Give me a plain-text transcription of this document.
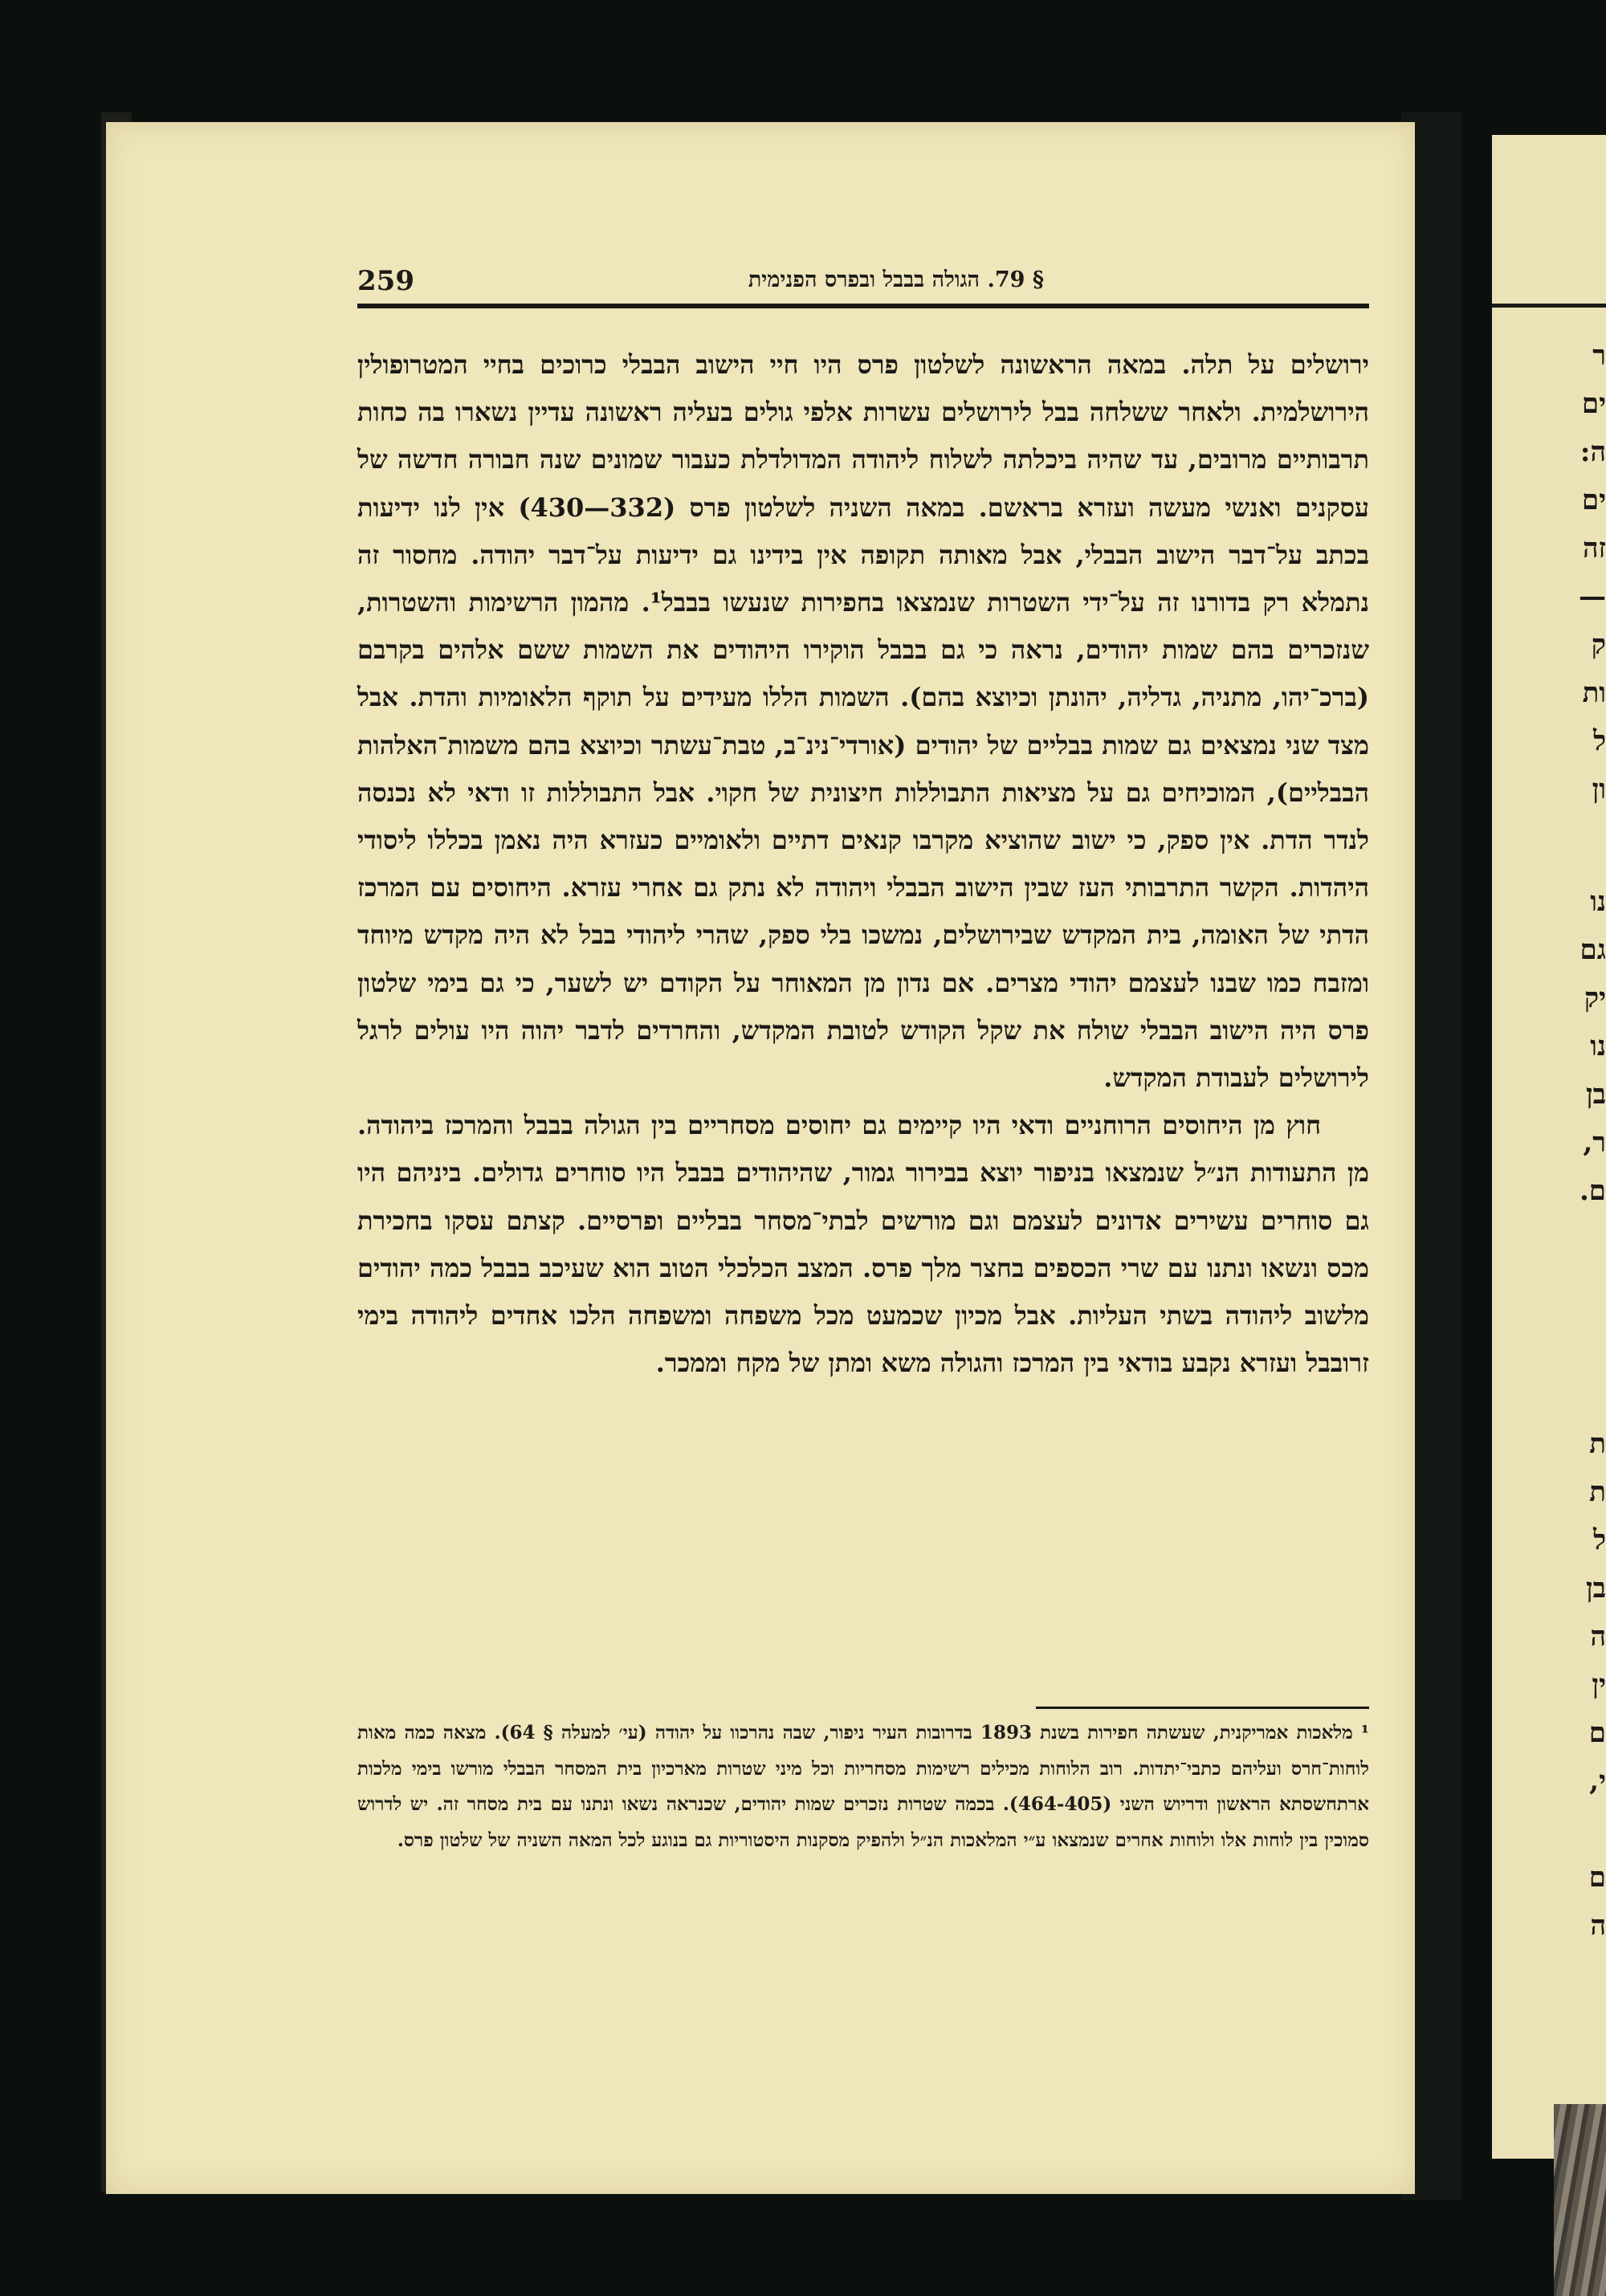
ר
ים
ה:
ים
זה
—
ק
ות
ל
ון
נו
גם
יק
נו
בן
ר,
ם.
ת
ת
ל
בן
ה
ין
ם
י,
ם
ה
259	§ 79. הגולה בבבל ובפרס הפנימית

ירושלים על תלה. במאה הראשונה לשלטון פרס היו חיי הישוב הבבלי כרוכים בחיי המטרופולין הירושלמית. ולאחר ששלחה בבל לירושלים עשרות אלפי גולים בעליה ראשונה עדיין נשארו בה כחות תרבותיים מרובים, עד שהיה ביכלתה לשלוח ליהודה המדולדלת כעבור שמונים שנה חבורה חדשה של עסקנים ואנשי מעשה ועזרא בראשם. במאה השניה לשלטון פרס (332—430) אין לנו ידיעות בכתב על־דבר הישוב הבבלי, אבל מאותה תקופה אין בידינו גם ידיעות על־דבר יהודה. מחסור זה נתמלא רק בדורנו זה על־ידי השטרות שנמצאו בחפירות שנעשו בבבל¹. מהמון הרשימות והשטרות, שנזכרים בהם שמות יהודים, נראה כי גם בבבל הוקירו היהודים את השמות ששם אלהים בקרבם (ברכ־יהו, מתניה, גדליה, יהונתן וכיוצא בהם). השמות הללו מעידים על תוקף הלאומיות והדת. אבל מצד שני נמצאים גם שמות בבליים של יהודים (אורדי־נינ־ב, טבת־עשתר וכיוצא בהם משמות־האלהות הבבליים), המוכיחים גם על מציאות התבוללות חיצונית של חקוי. אבל התבוללות זו ודאי לא נכנסה לנדר הדת. אין ספק, כי ישוב שהוציא מקרבו קנאים דתיים ולאומיים כעזרא היה נאמן בכללו ליסודי היהדות. הקשר התרבותי העז שבין הישוב הבבלי ויהודה לא נתק גם אחרי עזרא. היחוסים עם המרכז הדתי של האומה, בית המקדש שבירושלים, נמשכו בלי ספק, שהרי ליהודי בבל לא היה מקדש מיוחד ומזבח כמו שבנו לעצמם יהודי מצרים. אם נדון מן המאוחר על הקודם יש לשער, כי גם בימי שלטון פרס היה הישוב הבבלי שולח את שקל הקודש לטובת המקדש, והחרדים לדבר יהוה היו עולים לרגל לירושלים לעבודת המקדש.

חוץ מן היחוסים הרוחניים ודאי היו קיימים גם יחוסים מסחריים בין הגולה בבבל והמרכז ביהודה. מן התעודות הנ״ל שנמצאו בניפור יוצא בבירור גמור, שהיהודים בבבל היו סוחרים גדולים. ביניהם היו גם סוחרים עשירים אדונים לעצמם וגם מורשים לבתי־מסחר בבליים ופרסיים. קצתם עסקו בחכירת מכס ונשאו ונתנו עם שרי הכספים בחצר מלך פרס. המצב הכלכלי הטוב הוא שעיכב בבבל כמה יהודים מלשוב ליהודה בשתי העליות. אבל מכיון שכמעט מכל משפחה ומשפחה הלכו אחדים ליהודה בימי זרובבל ועזרא נקבע בודאי בין המרכז והגולה משא ומתן של מקח וממכר.

¹ מלאכות אמריקנית, שעשתה חפירות בשנת 1893 בדרובות העיר ניפור, שבה נהרכוו על יהודה (עי׳ למעלה § 64). מצאה כמה מאות לוחות־חרס ועליהם כתבי־יתדות. רוב הלוחות מכילים רשימות מסחריות וכל מיני שטרות מארכיון בית המסחר הבבלי מורשו בימי מלכות ארתחשסתא הראשון ודריוש השני (464-405). בכמה שטרות נזכרים שמות יהודים, שכנראה נשאו ונתנו עם בית מסחר זה. יש לדרוש סמוכין בין לוחות אלו ולוחות אחרים שנמצאו ע״י המלאכות הנ״ל ולהפיק מסקנות היסטוריות גם בנוגע לכל המאה השניה של שלטון פרס.
